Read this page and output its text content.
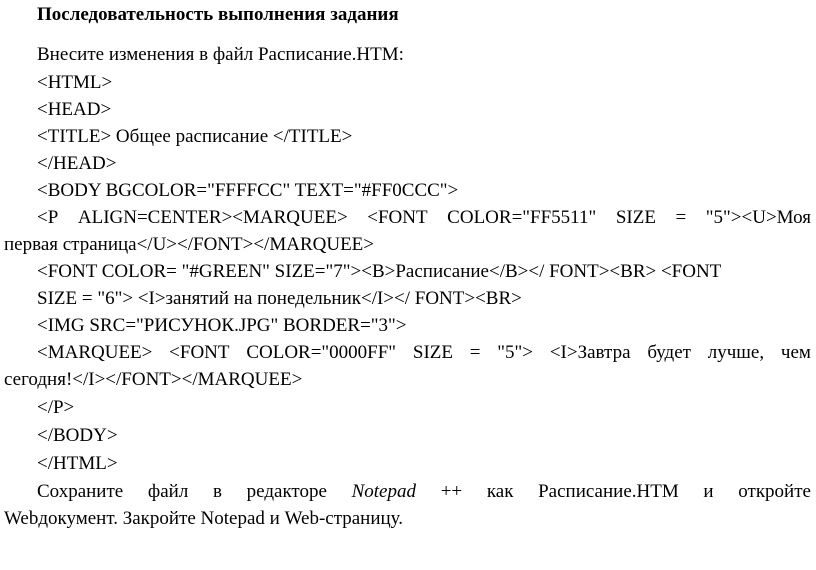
Последовательность выполнения задания
Внесите изменения в файл Расписание.HTM:
<HTML>
<HEAD>
<TITLE> Общее расписание </TITLE>
</HEAD>
<BODY BGCOLOR="FFFFCC" TEXT="#FF0CCC">
<P ALIGN=CENTER><MARQUEE> <FONT COLOR="FF5511" SIZE = "5"><U>Моя
первая страница</U></FONT></MARQUEE>
<FONT COLOR= "#GREEN" SIZE="7"><B>Расписание</B></ FONT><BR> <FONT
SIZE = "6"> <I>занятий на понедельник</I></ FONT><BR>
<IMG SRC="РИСУНОК.JPG" BORDER="3">
<MARQUEE> <FONT COLOR="0000FF" SIZE = "5"> <I>Завтра будет лучше, чем
сегодня!</I></FONT></MARQUEE>
</P>
</BODY>
</HTML>
Сохраните файл в редакторе Notepad ++ как Расписание.HTM и откройте
Webдокумент. Закройте Notepad и Web-страницу.
